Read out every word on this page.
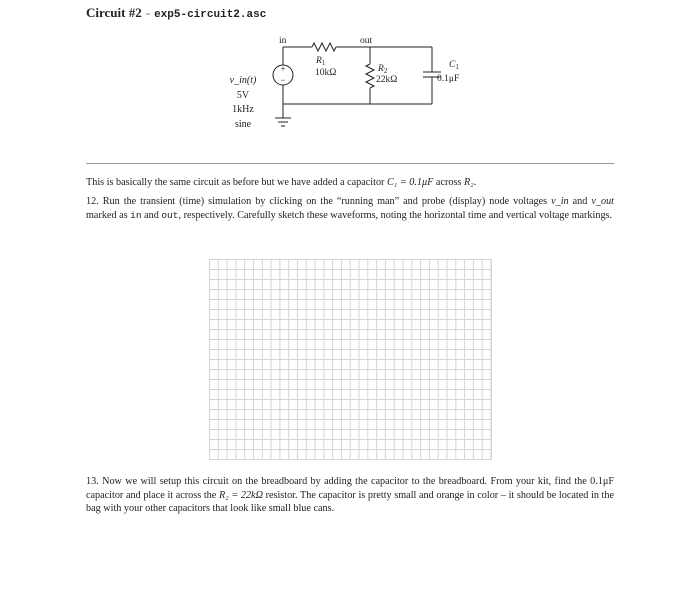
Circuit #2 - exp5-circuit2.asc
+
−
in	out
$R_1$
10kΩ	$R_2$
22kΩ
$C_1$
0.1μF
v_in(t)
5V
1kHz
sine

This is basically the same circuit as before but we have added a capacitor C₁ = 0.1μF across R₂.

12. Run the transient (time) simulation by clicking on the “running man” and probe (display) node voltages v_in and v_out marked as in and out, respectively. Carefully sketch these waveforms, noting the horizontal time and vertical voltage markings.

13. Now we will setup this circuit on the breadboard by adding the capacitor to the breadboard. From your kit, find the 0.1μF capacitor and place it across the R₂ = 22kΩ resistor. The capacitor is pretty small and orange in color – it should be located in the bag with your other capacitors that look like small blue cans.
